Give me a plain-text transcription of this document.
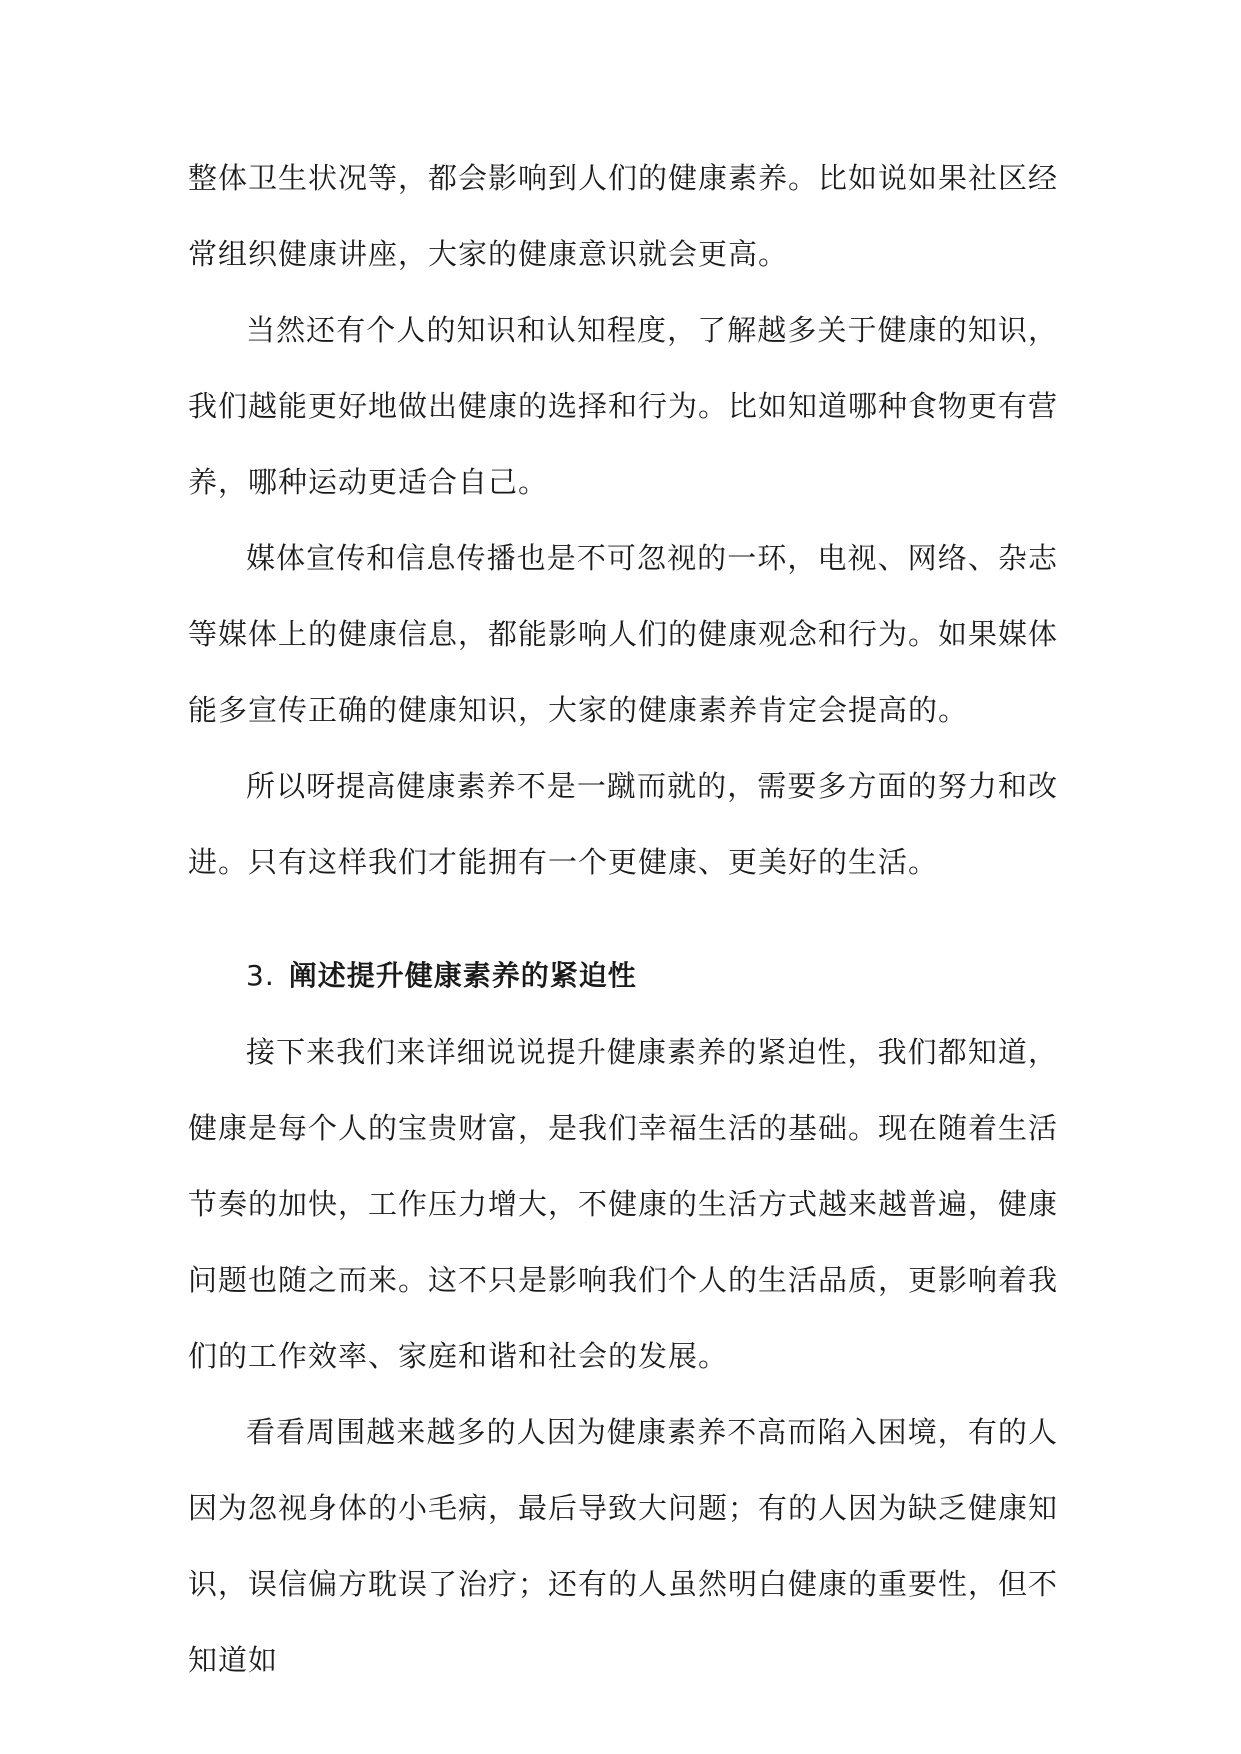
整体卫生状况等，都会影响到人们的健康素养。比如说如果社区经常组织健康讲座，大家的健康意识就会更高。

当然还有个人的知识和认知程度，了解越多关于健康的知识，我们越能更好地做出健康的选择和行为。比如知道哪种食物更有营养，哪种运动更适合自己。

媒体宣传和信息传播也是不可忽视的一环，电视、网络、杂志等媒体上的健康信息，都能影响人们的健康观念和行为。如果媒体能多宣传正确的健康知识，大家的健康素养肯定会提高的。

所以呀提高健康素养不是一蹴而就的，需要多方面的努力和改进。只有这样我们才能拥有一个更健康、更美好的生活。

3. 阐述提升健康素养的紧迫性

接下来我们来详细说说提升健康素养的紧迫性，我们都知道，健康是每个人的宝贵财富，是我们幸福生活的基础。现在随着生活节奏的加快，工作压力增大，不健康的生活方式越来越普遍，健康问题也随之而来。这不只是影响我们个人的生活品质，更影响着我们的工作效率、家庭和谐和社会的发展。

看看周围越来越多的人因为健康素养不高而陷入困境，有的人因为忽视身体的小毛病，最后导致大问题；有的人因为缺乏健康知识，误信偏方耽误了治疗；还有的人虽然明白健康的重要性，但不知道如
